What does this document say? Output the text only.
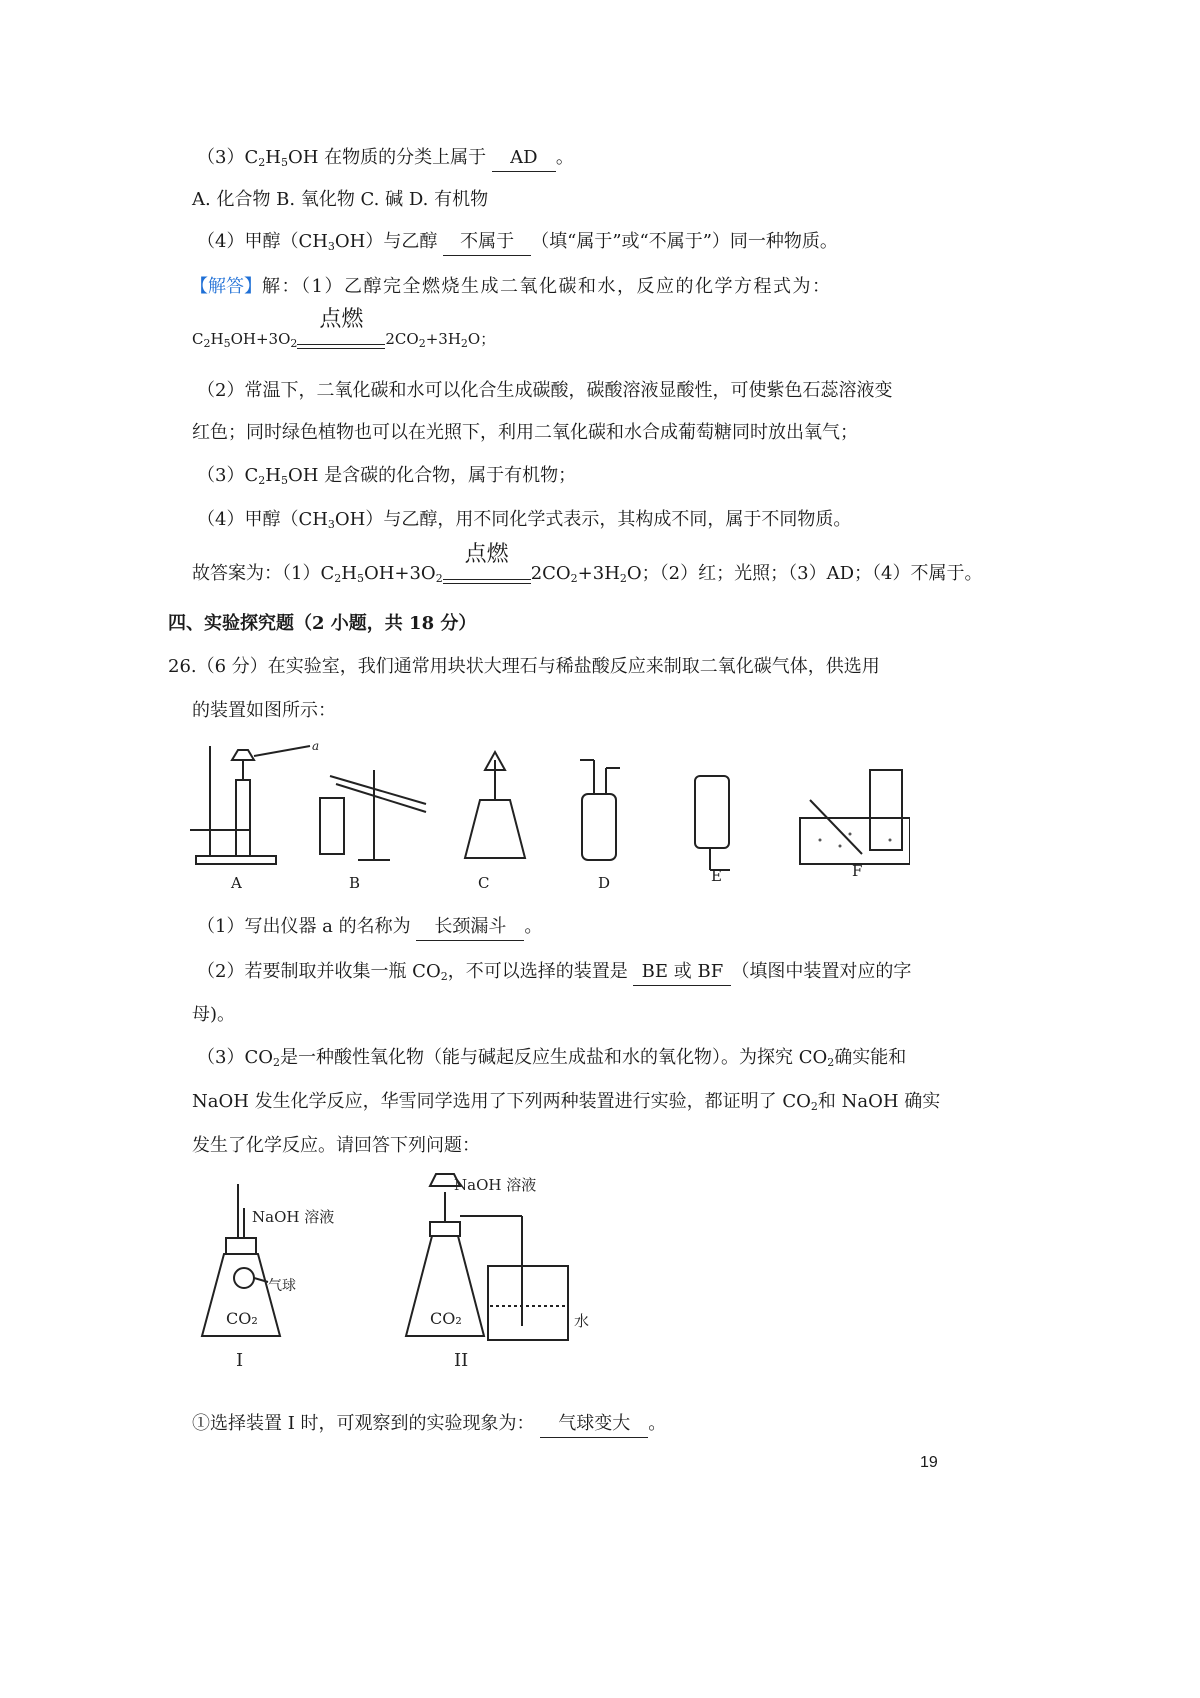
$(3)C_2H_5OH$ 在物质的分类上属于 AD 。
A. 化合物 B. 氧化物 C. 碱 D. 有机物
（4）甲醇$(CH_3OH)$与乙醇 不属于 （填“属于”或“不属于”）同一种物质。
【解答】解：（1）乙醇完全燃烧生成二氧化碳和水，反应的化学方程式为：
$C_2H_5OH+3O_2$
点燃
$2CO_2+3H_2O$；
（2）常温下，二氧化碳和水可以化合生成碳酸，碳酸溶液显酸性，可使紫色石蕊溶液变
红色；同时绿色植物也可以在光照下，利用二氧化碳和水合成葡萄糖同时放出氧气；
$(3)C_2H_5OH$ 是含碳的化合物，属于有机物；
（4）甲醇$(CH_3OH)$与乙醇，用不同化学式表示，其构成不同，属于不同物质。
故答案为：$(1)C_2H_5OH+3O_2$
点燃
$2CO_2+3H_2O$；（2）红；光照；（3）AD；（4）不属于。
四、实验探究题（2 小题，共 18 分）
26.（6 分）在实验室，我们通常用块状大理石与稀盐酸反应来制取二氧化碳气体，供选用
的装置如图所示：
a
A	B	C	D	E	F
（1）写出仪器 a 的名称为 长颈漏斗 。
（2）若要制取并收集一瓶 $CO_2$，不可以选择的装置是 BE 或 BF （填图中装置对应的字
母)。
$(3)CO_2$是一种酸性氧化物（能与碱起反应生成盐和水的氧化物）。为探究 $CO_2$确实能和
NaOH 发生化学反应，华雪同学选用了下列两种装置进行实验，都证明了 $CO_2$和 NaOH 确实
发生了化学反应。请回答下列问题：
NaOH 溶液
气球
CO₂
I
NaOH 溶液
CO₂	水
II
①选择装置 I 时，可观察到的实验现象为： 气球变大 。
19
